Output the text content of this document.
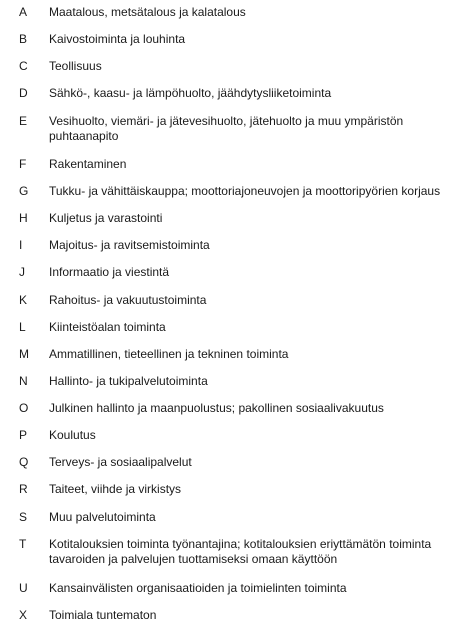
A	Maatalous, metsätalous ja kalatalous
B	Kaivostoiminta ja louhinta
C	Teollisuus
D	Sähkö-, kaasu- ja lämpöhuolto, jäähdytysliiketoiminta
E	Vesihuolto, viemäri- ja jätevesihuolto, jätehuolto ja muu ympäristön puhtaanapito
F	Rakentaminen
G	Tukku- ja vähittäiskauppa; moottoriajoneuvojen ja moottoripyörien korjaus
H	Kuljetus ja varastointi
I	Majoitus- ja ravitsemistoiminta
J	Informaatio ja viestintä
K	Rahoitus- ja vakuutustoiminta
L	Kiinteistöalan toiminta
M	Ammatillinen, tieteellinen ja tekninen toiminta
N	Hallinto- ja tukipalvelutoiminta
O	Julkinen hallinto ja maanpuolustus; pakollinen sosiaalivakuutus
P	Koulutus
Q	Terveys- ja sosiaalipalvelut
R	Taiteet, viihde ja virkistys
S	Muu palvelutoiminta
T	Kotitalouksien toiminta työnantajina; kotitalouksien eriyttämätön toiminta tavaroiden ja palvelujen tuottamiseksi omaan käyttöön
U	Kansainvälisten organisaatioiden ja toimielinten toiminta
X	Toimiala tuntematon
